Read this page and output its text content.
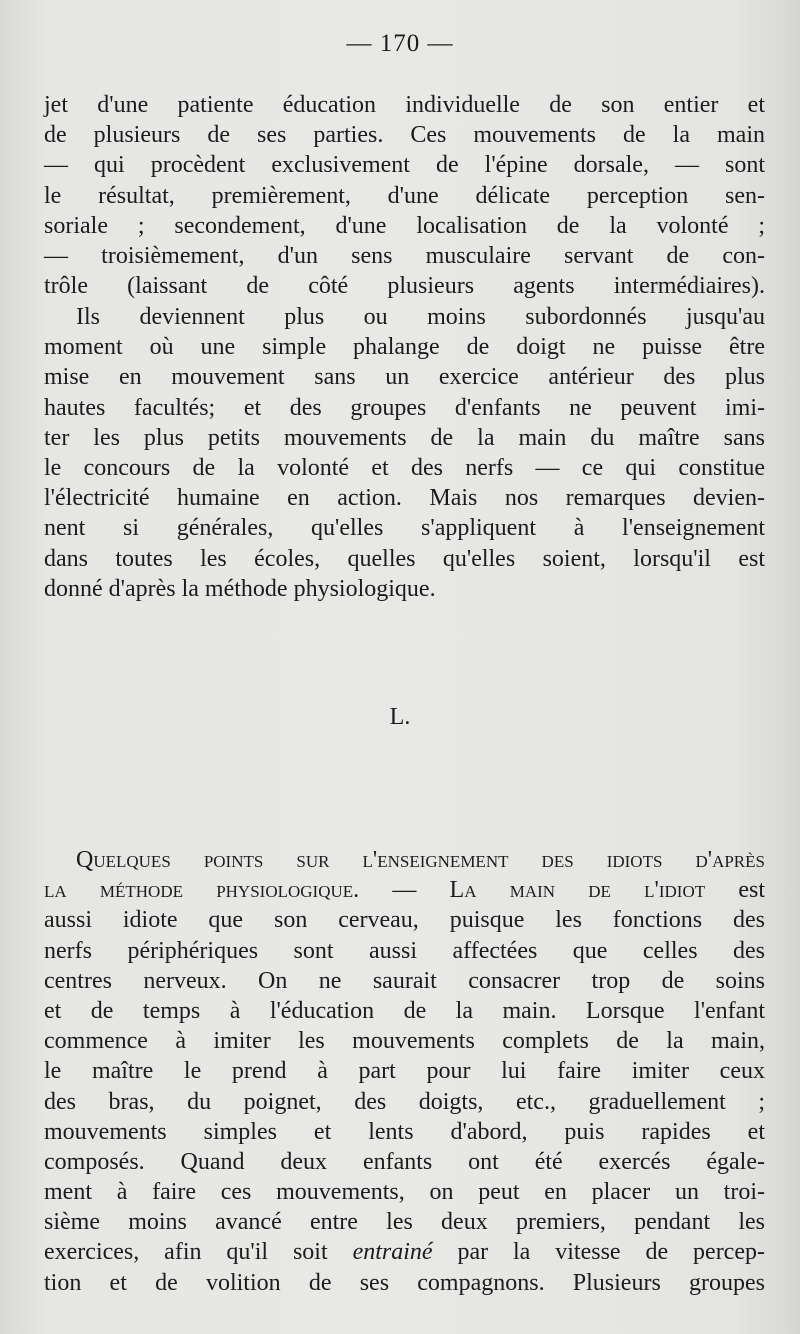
— 170 —
jet d'une patiente éducation individuelle de son entier et
de plusieurs de ses parties. Ces mouvements de la main
— qui procèdent exclusivement de l'épine dorsale, — sont
le résultat, premièrement, d'une délicate perception sen-
soriale ; secondement, d'une localisation de la volonté ;
— troisièmement, d'un sens musculaire servant de con-
trôle (laissant de côté plusieurs agents intermédiaires).
Ils deviennent plus ou moins subordonnés jusqu'au
moment où une simple phalange de doigt ne puisse être
mise en mouvement sans un exercice antérieur des plus
hautes facultés; et des groupes d'enfants ne peuvent imi-
ter les plus petits mouvements de la main du maître sans
le concours de la volonté et des nerfs — ce qui constitue
l'électricité humaine en action. Mais nos remarques devien-
nent si générales, qu'elles s'appliquent à l'enseignement
dans toutes les écoles, quelles qu'elles soient, lorsqu'il est
donné d'après la méthode physiologique.
L.
Quelques points sur l'enseignement des idiots d'après
la méthode physiologique. — La main de l'idiot est
aussi idiote que son cerveau, puisque les fonctions des
nerfs périphériques sont aussi affectées que celles des
centres nerveux. On ne saurait consacrer trop de soins
et de temps à l'éducation de la main. Lorsque l'enfant
commence à imiter les mouvements complets de la main,
le maître le prend à part pour lui faire imiter ceux
des bras, du poignet, des doigts, etc., graduellement ;
mouvements simples et lents d'abord, puis rapides et
composés. Quand deux enfants ont été exercés égale-
ment à faire ces mouvements, on peut en placer un troi-
sième moins avancé entre les deux premiers, pendant les
exercices, afin qu'il soit entrainé par la vitesse de percep-
tion et de volition de ses compagnons. Plusieurs groupes
